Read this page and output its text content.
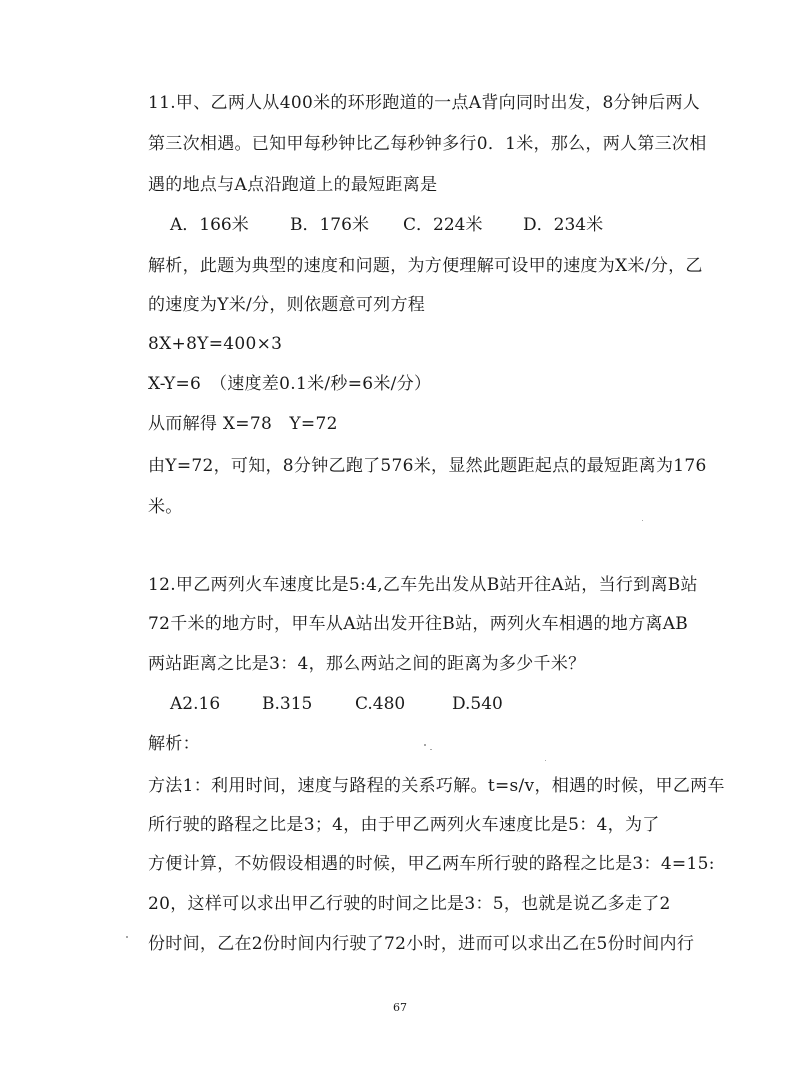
11.甲、乙两人从400米的环形跑道的一点A背向同时出发，8分钟后两人
第三次相遇。已知甲每秒钟比乙每秒钟多行0．1米，那么，两人第三次相
遇的地点与A点沿跑道上的最短距离是
A．166米 B．176米 C．224米 D．234米
解析，此题为典型的速度和问题，为方便理解可设甲的速度为X米/分，乙
的速度为Y米/分，则依题意可列方程
8X+8Y=400×3
X-Y=6　（速度差0.1米/秒=6米/分）
从而解得 X=78　Y=72
由Y=72，可知，8分钟乙跑了576米，显然此题距起点的最短距离为176
米。
12.甲乙两列火车速度比是5:4,乙车先出发从B站开往A站，当行到离B站
72千米的地方时，甲车从A站出发开往B站，两列火车相遇的地方离AB
两站距离之比是3：4，那么两站之间的距离为多少千米？
A2.16 B.315	C.480	D.540
解析：
方法1：利用时间，速度与路程的关系巧解。t=s/v，相遇的时候，甲乙两车
所行驶的路程之比是3；4，由于甲乙两列火车速度比是5：4，为了
方便计算，不妨假设相遇的时候，甲乙两车所行驶的路程之比是3：4=15:
20，这样可以求出甲乙行驶的时间之比是3：5，也就是说乙多走了2
份时间，乙在2份时间内行驶了72小时，进而可以求出乙在5份时间内行
67
